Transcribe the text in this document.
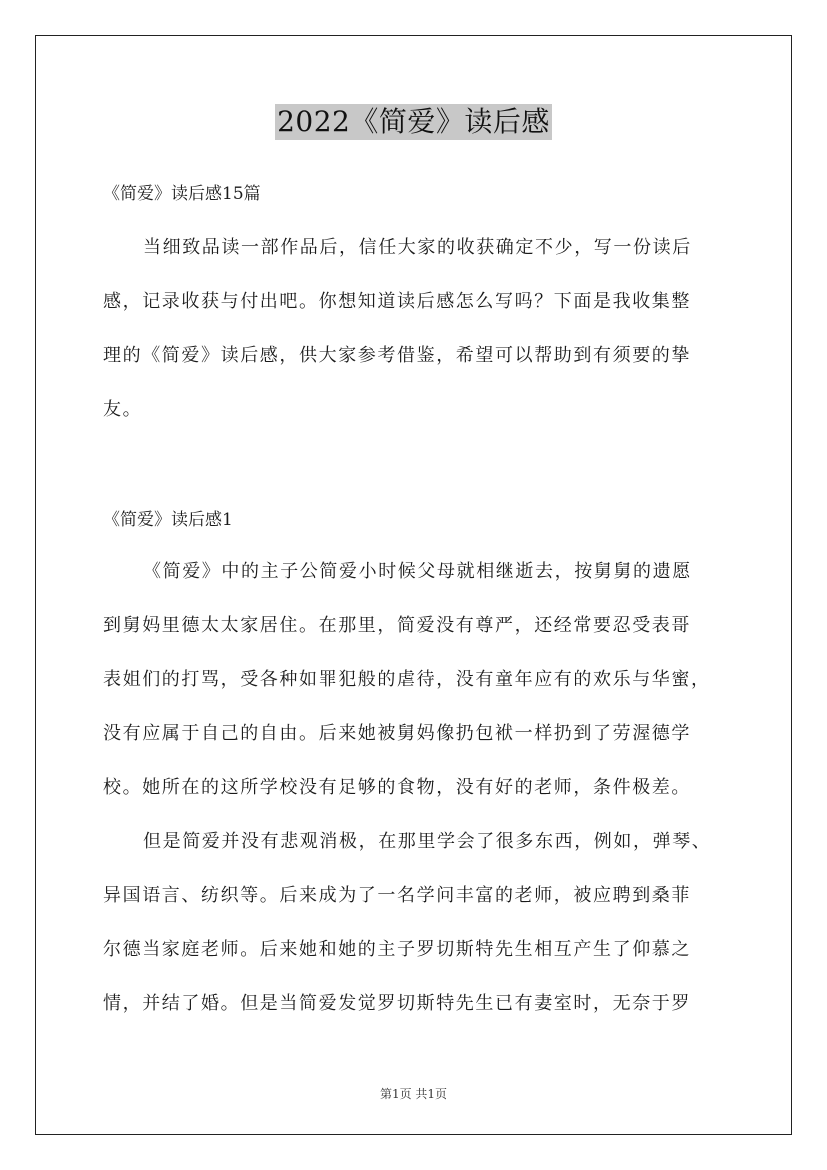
2022《简爱》读后感
《简爱》读后感15篇
当细致品读一部作品后，信任大家的收获确定不少，写一份读后
感，记录收获与付出吧。你想知道读后感怎么写吗？下面是我收集整
理的《简爱》读后感，供大家参考借鉴，希望可以帮助到有须要的挚
友。
《简爱》读后感1
《简爱》中的主子公简爱小时候父母就相继逝去，按舅舅的遗愿
到舅妈里德太太家居住。在那里，简爱没有尊严，还经常要忍受表哥
表姐们的打骂，受各种如罪犯般的虐待，没有童年应有的欢乐与华蜜，
没有应属于自己的自由。后来她被舅妈像扔包袱一样扔到了劳渥德学
校。她所在的这所学校没有足够的食物，没有好的老师，条件极差。
但是简爱并没有悲观消极，在那里学会了很多东西，例如，弹琴、
异国语言、纺织等。后来成为了一名学问丰富的老师，被应聘到桑菲
尔德当家庭老师。后来她和她的主子罗切斯特先生相互产生了仰慕之
情，并结了婚。但是当简爱发觉罗切斯特先生已有妻室时，无奈于罗
第1页 共1页
